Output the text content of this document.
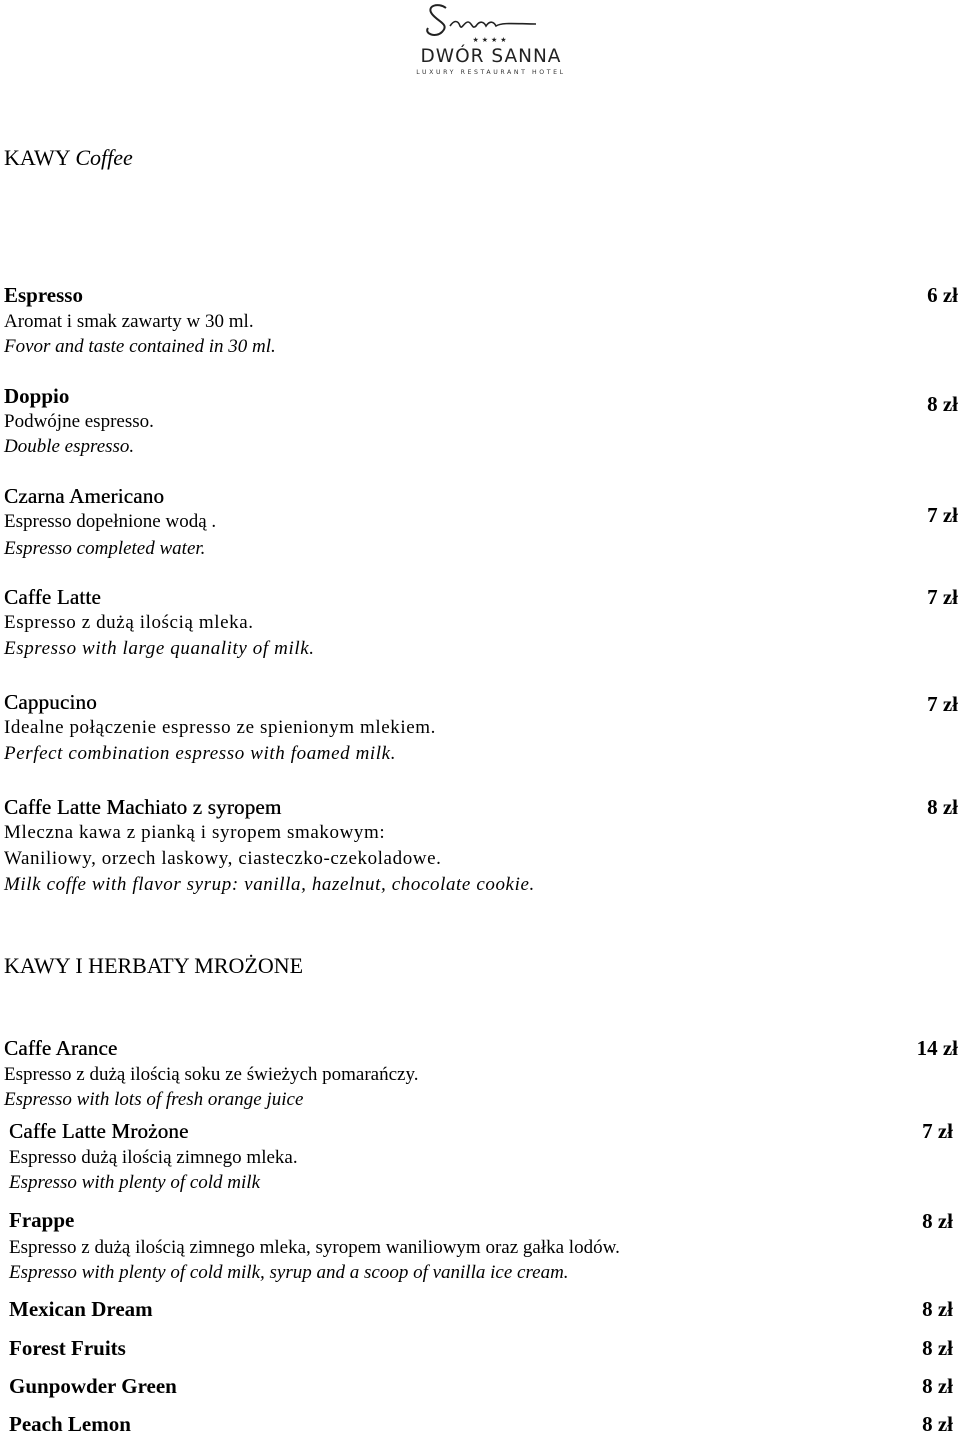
★★★★
DWÓR SANNA
LUXURY RESTAURANT HOTEL
KAWY Coffee
Espresso
Aromat i smak zawarty w 30 ml.
Fovor and taste contained in 30 ml.
6 zł
Doppio
Podwójne espresso.
Double espresso.
8 zł
Czarna Americano
Espresso dopełnione wodą .
Espresso completed water.
7 zł
Caffe Latte
Espresso z dużą ilością mleka.
Espresso with large quanality of milk.
7 zł
Cappucino
Idealne połączenie espresso ze spienionym mlekiem.
Perfect combination espresso with foamed milk.
7 zł
Caffe Latte Machiato z syropem
Mleczna kawa z pianką i syropem smakowym:
Waniliowy, orzech laskowy, ciasteczko-czekoladowe.
Milk coffe with flavor syrup: vanilla, hazelnut, chocolate cookie.
8 zł
KAWY I HERBATY MROŻONE
Caffe Arance
Espresso z dużą ilością soku ze świeżych pomarańczy.
Espresso with lots of fresh orange juice
14 zł
Caffe Latte Mrożone
Espresso dużą ilością zimnego mleka.
Espresso with plenty of cold milk
7 zł
Frappe
Espresso z dużą ilością zimnego mleka, syropem waniliowym oraz gałka lodów.
Espresso with plenty of cold milk, syrup and a scoop of vanilla ice cream.
8 zł
Mexican Dream	8 zł
Forest Fruits	8 zł
Gunpowder Green	8 zł
Peach Lemon	8 zł
